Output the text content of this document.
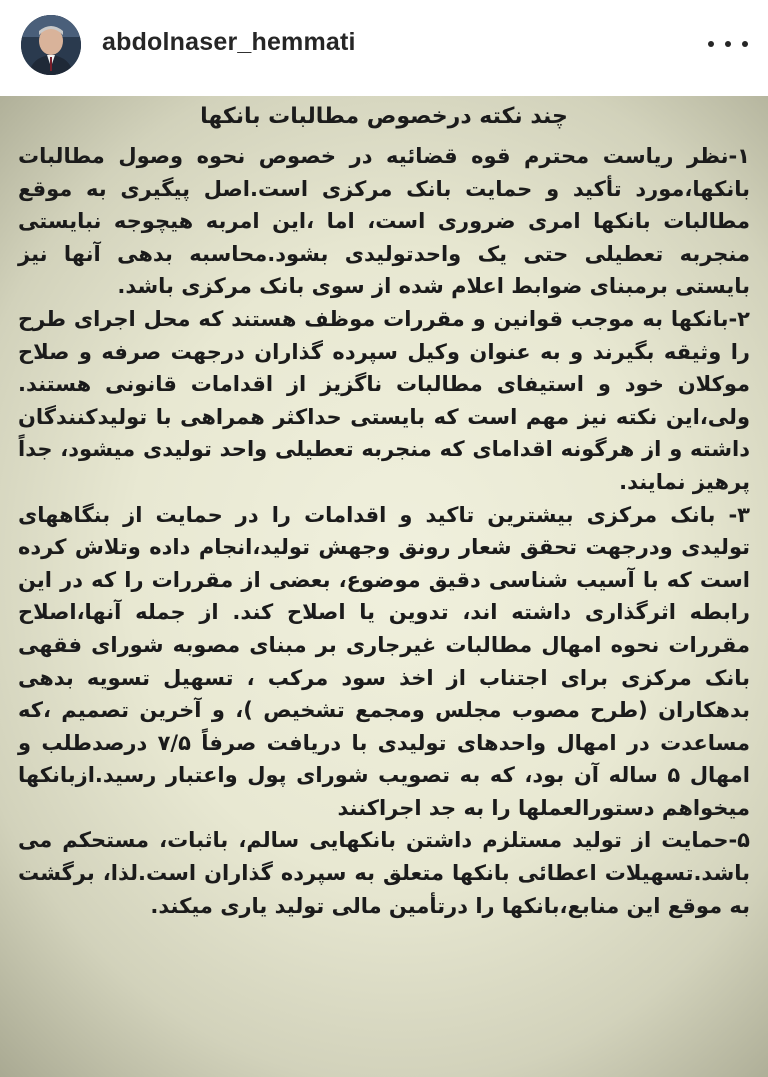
abdolnaser_hemmati
چند نکته درخصوص مطالبات بانکها

۱-نظر ریاست محترم قوه قضائیه در خصوص نحوه وصول مطالبات بانکها،مورد تأکید و حمایت بانک مرکزی است.اصل پیگیری به موقع مطالبات بانکها امری ضروری است، اما ،این امربه هیچوجه نبایستی منجربه تعطیلی حتی یک واحدتولیدی بشود.محاسبه بدهی آنها نیز بایستی برمبنای ضوابط اعلام شده از سوی بانک مرکزی باشد.

۲-بانکها به موجب قوانین و مقررات موظف هستند که محل اجرای طرح را وثیقه بگیرند و به عنوان وکیل سپرده گذاران درجهت صرفه و صلاح موکلان خود و استیفای مطالبات ناگزیز از اقدامات قانونی هستند. ولی،این نکته نیز مهم است که بایستی حداکثر همراهی با تولیدکنندگان داشته و از هرگونه اقدامای که منجربه تعطیلی واحد تولیدی میشود، جداً پرهیز نمایند.

۳- بانک مرکزی بیشترین تاکید و اقدامات را در حمایت از بنگاههای تولیدی ودرجهت تحقق شعار رونق وجهش تولید،انجام داده وتلاش کرده است که با آسیب شناسی دقیق موضوع، بعضی از مقررات را که در این رابطه اثرگذاری داشته اند، تدوین یا اصلاح کند. از جمله آنها،اصلاح مقررات نحوه امهال مطالبات غیرجاری بر مبنای مصوبه شورای فقهی بانک مرکزی برای اجتناب از اخذ سود مرکب ، تسهیل تسویه بدهی بدهکاران (طرح مصوب مجلس ومجمع تشخیص )، و آخرین تصمیم ،که مساعدت در امهال واحدهای تولیدی با دریافت صرفاً ۷/۵ درصدطلب و امهال ۵ ساله آن بود، که به تصویب شورای پول واعتبار رسید.ازبانکها میخواهم دستورالعملها را به جد اجراکنند

۵-حمایت از تولید مستلزم داشتن بانکهایی سالم، باثبات، مستحکم می باشد.تسهیلات اعطائی بانکها متعلق به سپرده گذاران است.لذا، برگشت به موقع این منابع،بانکها را درتأمین مالی تولید یاری میکند.
